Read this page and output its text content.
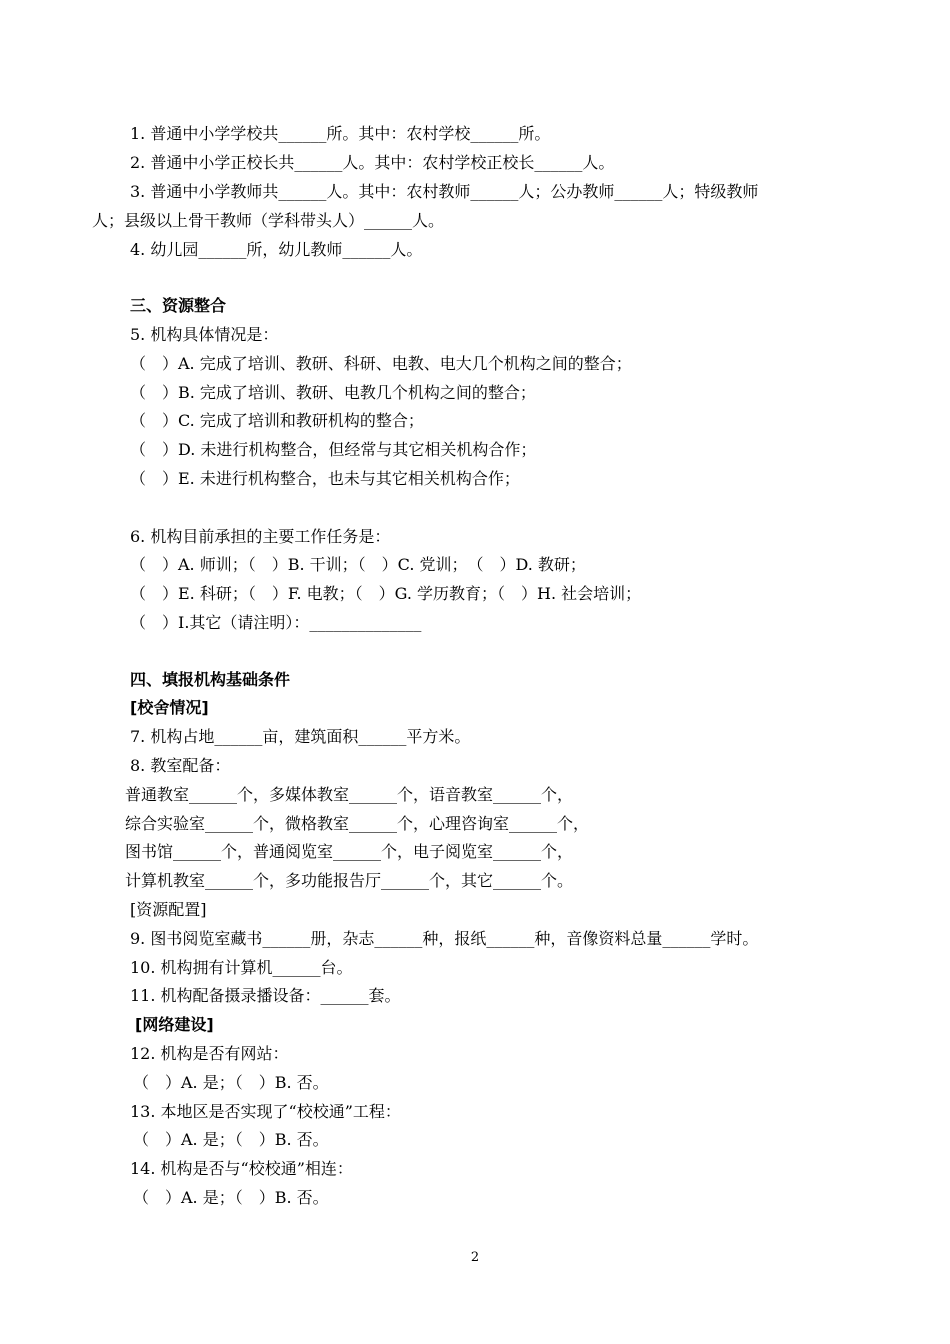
1. 普通中小学学校共______所。其中：农村学校______所。
2. 普通中小学正校长共______人。其中：农村学校正校长______人。
3. 普通中小学教师共______人。其中：农村教师______人；公办教师______人；特级教师
人；县级以上骨干教师（学科带头人）______人。
4. 幼儿园______所，幼儿教师______人。
三、资源整合
5. 机构具体情况是：
（　）A. 完成了培训、教研、科研、电教、电大几个机构之间的整合；
（　）B. 完成了培训、教研、电教几个机构之间的整合；
（　）C. 完成了培训和教研机构的整合；
（　）D. 未进行机构整合，但经常与其它相关机构合作；
（　）E. 未进行机构整合，也未与其它相关机构合作；
6. 机构目前承担的主要工作任务是：
（　）A. 师训；（　）B. 干训；（　）C. 党训；　（　）D. 教研；
（　）E. 科研；（　）F. 电教；（　）G. 学历教育；（　）H. 社会培训；
（　）I.其它（请注明）：______________
四、填报机构基础条件
[校舍情况]
7. 机构占地______亩，建筑面积______平方米。
8. 教室配备：
普通教室______个，多媒体教室______个，语音教室______个，
综合实验室______个，微格教室______个，心理咨询室______个，
图书馆______个，普通阅览室______个，电子阅览室______个，
计算机教室______个，多功能报告厅______个，其它______个。
[资源配置]
9. 图书阅览室藏书______册，杂志______种，报纸______种，音像资料总量______学时。
10. 机构拥有计算机______台。
11. 机构配备摄录播设备：______套。
[网络建设]
12. 机构是否有网站：
（　）A. 是；（　）B. 否。
13. 本地区是否实现了“校校通”工程：
（　）A. 是；（　）B. 否。
14. 机构是否与“校校通”相连：
（　）A. 是；（　）B. 否。
2
